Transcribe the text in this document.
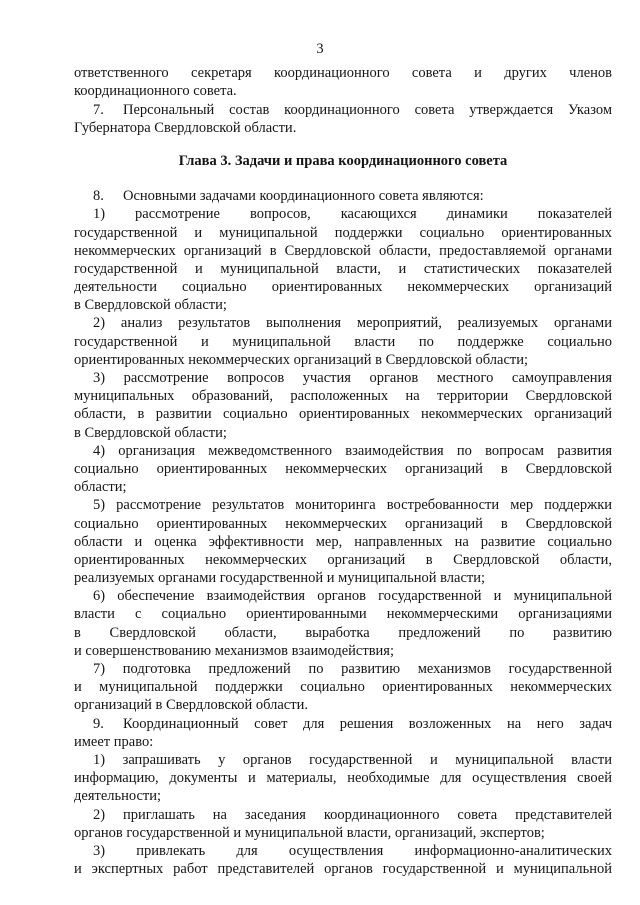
3
ответственного секретаря координационного совета и других членов
координационного совета.
7. Персональный состав координационного совета утверждается Указом
Губернатора Свердловской области.
Глава 3. Задачи и права координационного совета
8. Основными задачами координационного совета являются:
1) рассмотрение вопросов, касающихся динамики показателей
государственной и муниципальной поддержки социально ориентированных
некоммерческих организаций в Свердловской области, предоставляемой органами
государственной и муниципальной власти, и статистических показателей
деятельности социально ориентированных некоммерческих организаций
в Свердловской области;
2) анализ результатов выполнения мероприятий, реализуемых органами
государственной и муниципальной власти по поддержке социально
ориентированных некоммерческих организаций в Свердловской области;
3) рассмотрение вопросов участия органов местного самоуправления
муниципальных образований, расположенных на территории Свердловской
области, в развитии социально ориентированных некоммерческих организаций
в Свердловской области;
4) организация межведомственного взаимодействия по вопросам развития
социально ориентированных некоммерческих организаций в Свердловской
области;
5) рассмотрение результатов мониторинга востребованности мер поддержки
социально ориентированных некоммерческих организаций в Свердловской
области и оценка эффективности мер, направленных на развитие социально
ориентированных некоммерческих организаций в Свердловской области,
реализуемых органами государственной и муниципальной власти;
6) обеспечение взаимодействия органов государственной и муниципальной
власти с социально ориентированными некоммерческими организациями
в Свердловской области, выработка предложений по развитию
и совершенствованию механизмов взаимодействия;
7) подготовка предложений по развитию механизмов государственной
и муниципальной поддержки социально ориентированных некоммерческих
организаций в Свердловской области.
9. Координационный совет для решения возложенных на него задач
имеет право:
1) запрашивать у органов государственной и муниципальной власти
информацию, документы и материалы, необходимые для осуществления своей
деятельности;
2) приглашать на заседания координационного совета представителей
органов государственной и муниципальной власти, организаций, экспертов;
3) привлекать для осуществления информационно-аналитических
и экспертных работ представителей органов государственной и муниципальной
